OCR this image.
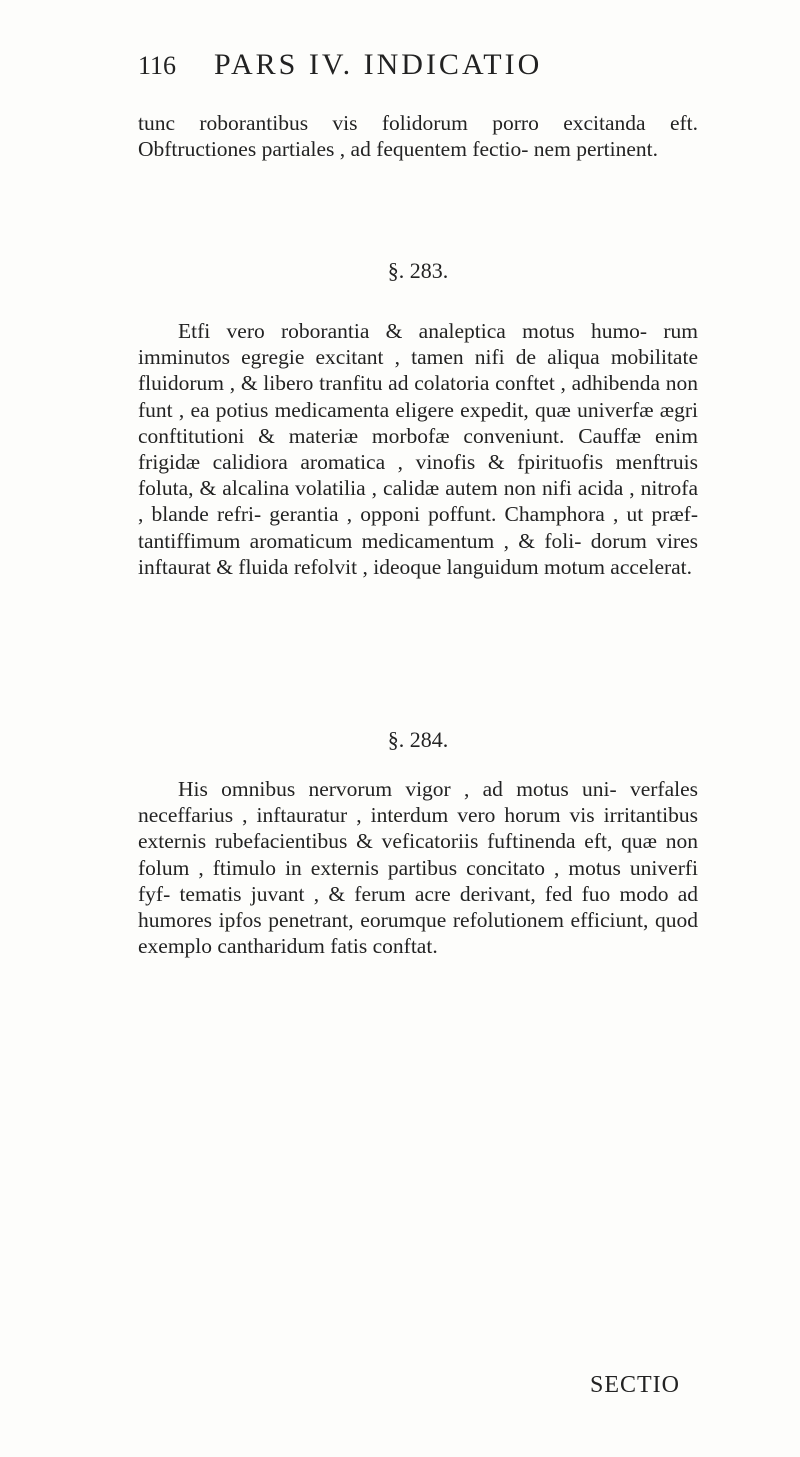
116 PARS IV. INDICATIO

tunc roborantibus vis folidorum porro excitanda eft. Obftructiones partiales , ad fequentem fectio- nem pertinent.

§. 283.

Etfi vero roborantia & analeptica motus humo- rum imminutos egregie excitant , tamen nifi de aliqua mobilitate fluidorum , & libero tranfitu ad colatoria conftet , adhibenda non funt , ea potius medicamenta eligere expedit, quæ univerfæ ægri conftitutioni & materiæ morbofæ conveniunt. Cauffæ enim frigidæ calidiora aromatica , vinofis & fpirituofis menftruis foluta, & alcalina volatilia , calidæ autem non nifi acida , nitrofa , blande refri- gerantia , opponi poffunt. Champhora , ut præf- tantiffimum aromaticum medicamentum , & foli- dorum vires inftaurat & fluida refolvit , ideoque languidum motum accelerat.

§. 284.

His omnibus nervorum vigor , ad motus uni- verfales neceffarius , inftauratur , interdum vero horum vis irritantibus externis rubefacientibus & veficatoriis fuftinenda eft, quæ non folum , ftimulo in externis partibus concitato , motus univerfi fyf- tematis juvant , & ferum acre derivant, fed fuo modo ad humores ipfos penetrant, eorumque refolutionem efficiunt, quod exemplo cantharidum fatis conftat.

SECTIO
